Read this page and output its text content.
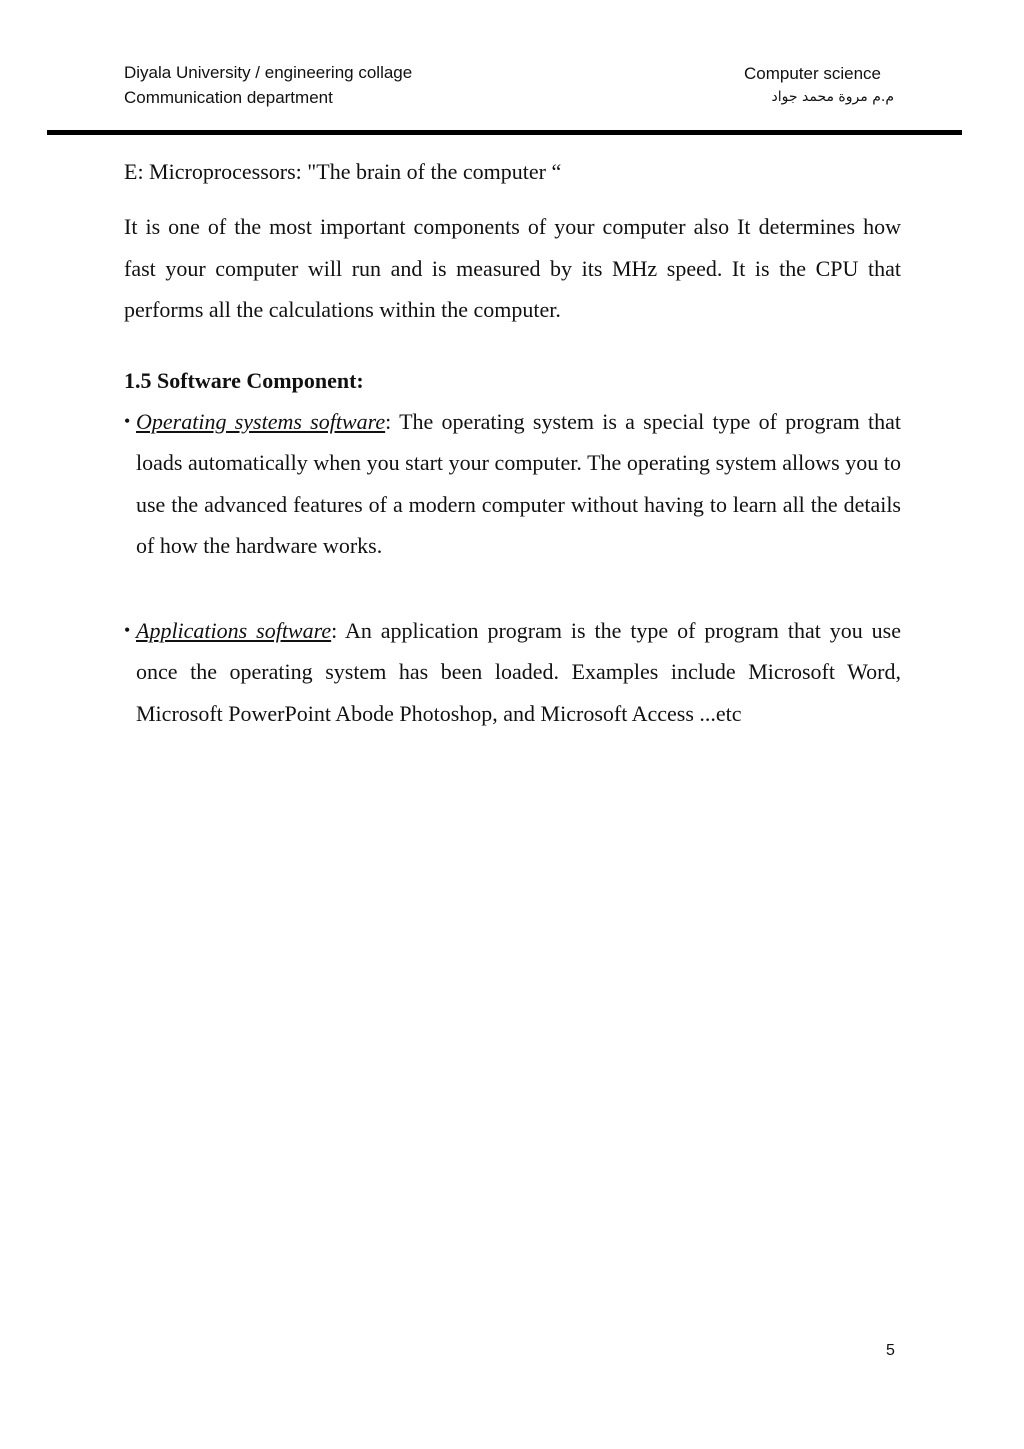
Diyala University / engineering collage
Communication department
Computer science
م.م مروة محمد جواد

E: Microprocessors: "The brain of the computer “

It is one of the most important components of your computer also It determines how fast your computer will run and is measured by its MHz speed. It is the CPU that performs all the calculations within the computer.

1.5 Software Component:

• Operating systems software: The operating system is a special type of program that loads automatically when you start your computer. The operating system allows you to use the advanced features of a modern computer without having to learn all the details of how the hardware works.

• Applications software: An application program is the type of program that you use once the operating system has been loaded. Examples include Microsoft Word, Microsoft PowerPoint Abode Photoshop, and Microsoft Access ...etc

5
